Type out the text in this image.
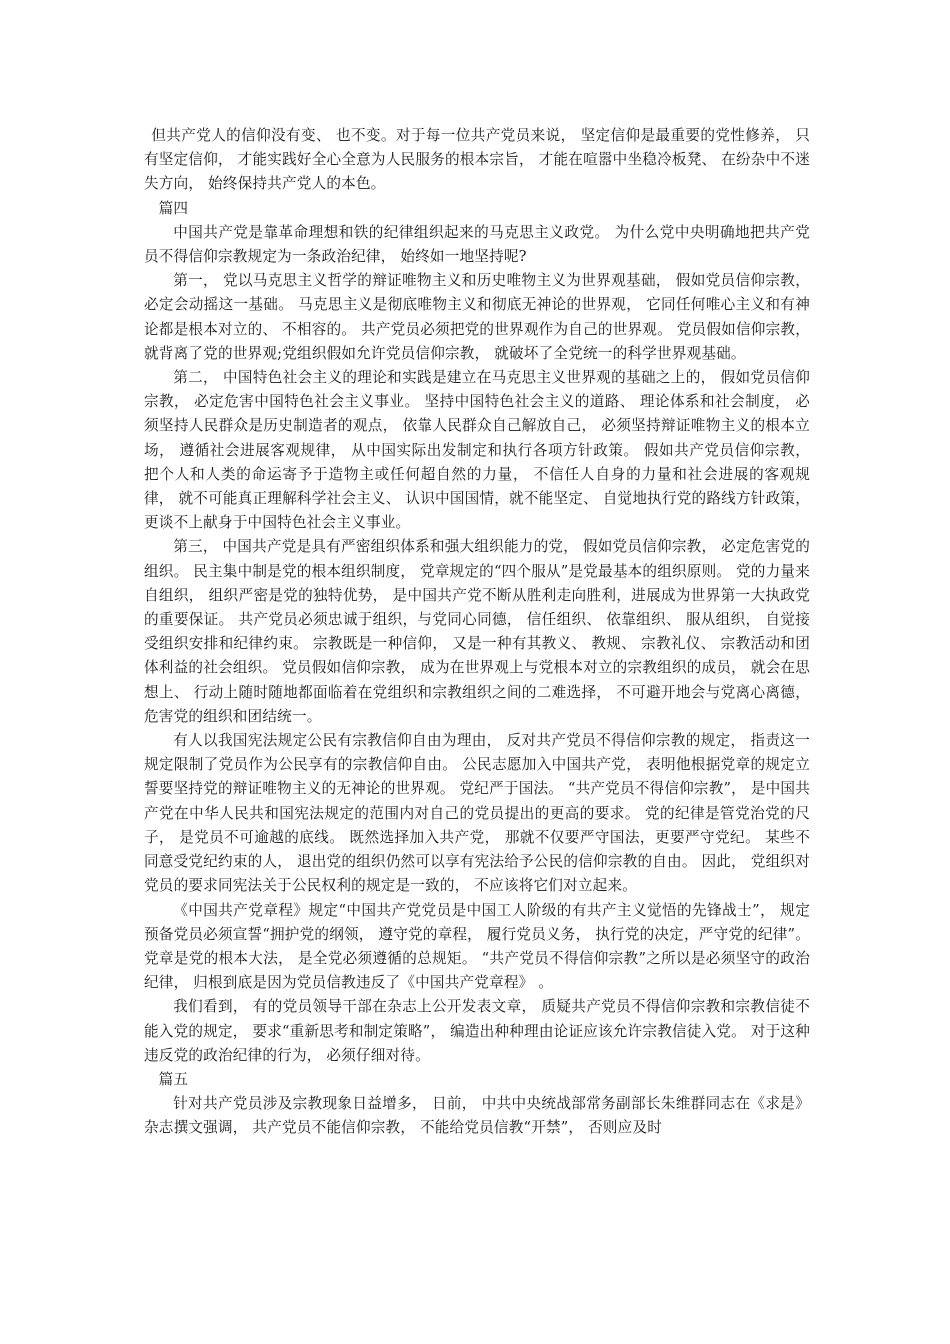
但共产党人的信仰没有变、 也不变。对于每一位共产党员来说， 坚定信仰是最重要的党性修养， 只有坚定信仰， 才能实践好全心全意为人民服务的根本宗旨， 才能在喧嚣中坐稳冷板凳、 在纷杂中不迷失方向， 始终保持共产党人的本色。

篇四

中国共产党是靠革命理想和铁的纪律组织起来的马克思主义政党。 为什么党中央明确地把共产党员不得信仰宗教规定为一条政治纪律， 始终如一地坚持呢?

第一， 党以马克思主义哲学的辩证唯物主义和历史唯物主义为世界观基础， 假如党员信仰宗教， 必定会动摇这一基础。 马克思主义是彻底唯物主义和彻底无神论的世界观， 它同任何唯心主义和有神论都是根本对立的、 不相容的。 共产党员必须把党的世界观作为自己的世界观。 党员假如信仰宗教， 就背离了党的世界观;党组织假如允许党员信仰宗教， 就破坏了全党统一的科学世界观基础。

第二， 中国特色社会主义的理论和实践是建立在马克思主义世界观的基础之上的， 假如党员信仰宗教， 必定危害中国特色社会主义事业。 坚持中国特色社会主义的道路、 理论体系和社会制度， 必须坚持人民群众是历史制造者的观点， 依靠人民群众自己解放自己， 必须坚持辩证唯物主义的根本立场， 遵循社会进展客观规律， 从中国实际出发制定和执行各项方针政策。 假如共产党员信仰宗教， 把个人和人类的命运寄予于造物主或任何超自然的力量， 不信任人自身的力量和社会进展的客观规律， 就不可能真正理解科学社会主义、 认识中国国情，就不能坚定、 自觉地执行党的路线方针政策， 更谈不上献身于中国特色社会主义事业。

第三， 中国共产党是具有严密组织体系和强大组织能力的党， 假如党员信仰宗教， 必定危害党的组织。 民主集中制是党的根本组织制度， 党章规定的“四个服从”是党最基本的组织原则。 党的力量来自组织， 组织严密是党的独特优势， 是中国共产党不断从胜利走向胜利，进展成为世界第一大执政党的重要保证。 共产党员必须忠诚于组织，与党同心同德， 信任组织、 依靠组织、 服从组织， 自觉接受组织安排和纪律约束。 宗教既是一种信仰， 又是一种有其教义、 教规、 宗教礼仪、 宗教活动和团体利益的社会组织。 党员假如信仰宗教， 成为在世界观上与党根本对立的宗教组织的成员， 就会在思想上、 行动上随时随地都面临着在党组织和宗教组织之间的二难选择， 不可避开地会与党离心离德， 危害党的组织和团结统一。

有人以我国宪法规定公民有宗教信仰自由为理由， 反对共产党员不得信仰宗教的规定， 指责这一规定限制了党员作为公民享有的宗教信仰自由。 公民志愿加入中国共产党， 表明他根据党章的规定立誓要坚持党的辩证唯物主义的无神论的世界观。 党纪严于国法。 “共产党员不得信仰宗教”， 是中国共产党在中华人民共和国宪法规定的范围内对自己的党员提出的更高的要求。 党的纪律是管党治党的尺子， 是党员不可逾越的底线。 既然选择加入共产党， 那就不仅要严守国法，更要严守党纪。 某些不同意受党纪约束的人， 退出党的组织仍然可以享有宪法给予公民的信仰宗教的自由。 因此， 党组织对党员的要求同宪法关于公民权利的规定是一致的， 不应该将它们对立起来。

《中国共产党章程》规定“中国共产党党员是中国工人阶级的有共产主义觉悟的先锋战士”， 规定预备党员必须宣誓“拥护党的纲领， 遵守党的章程， 履行党员义务， 执行党的决定，严守党的纪律”。 党章是党的根本大法， 是全党必须遵循的总规矩。 “共产党员不得信仰宗教”之所以是必须坚守的政治纪律， 归根到底是因为党员信教违反了《中国共产党章程》 。

我们看到， 有的党员领导干部在杂志上公开发表文章， 质疑共产党员不得信仰宗教和宗教信徒不能入党的规定， 要求“重新思考和制定策略”， 编造出种种理由论证应该允许宗教信徒入党。 对于这种违反党的政治纪律的行为， 必须仔细对待。

篇五

针对共产党员涉及宗教现象日益增多， 日前， 中共中央统战部常务副部长朱维群同志在《求是》 杂志撰文强调， 共产党员不能信仰宗教， 不能给党员信教“开禁”， 否则应及时
